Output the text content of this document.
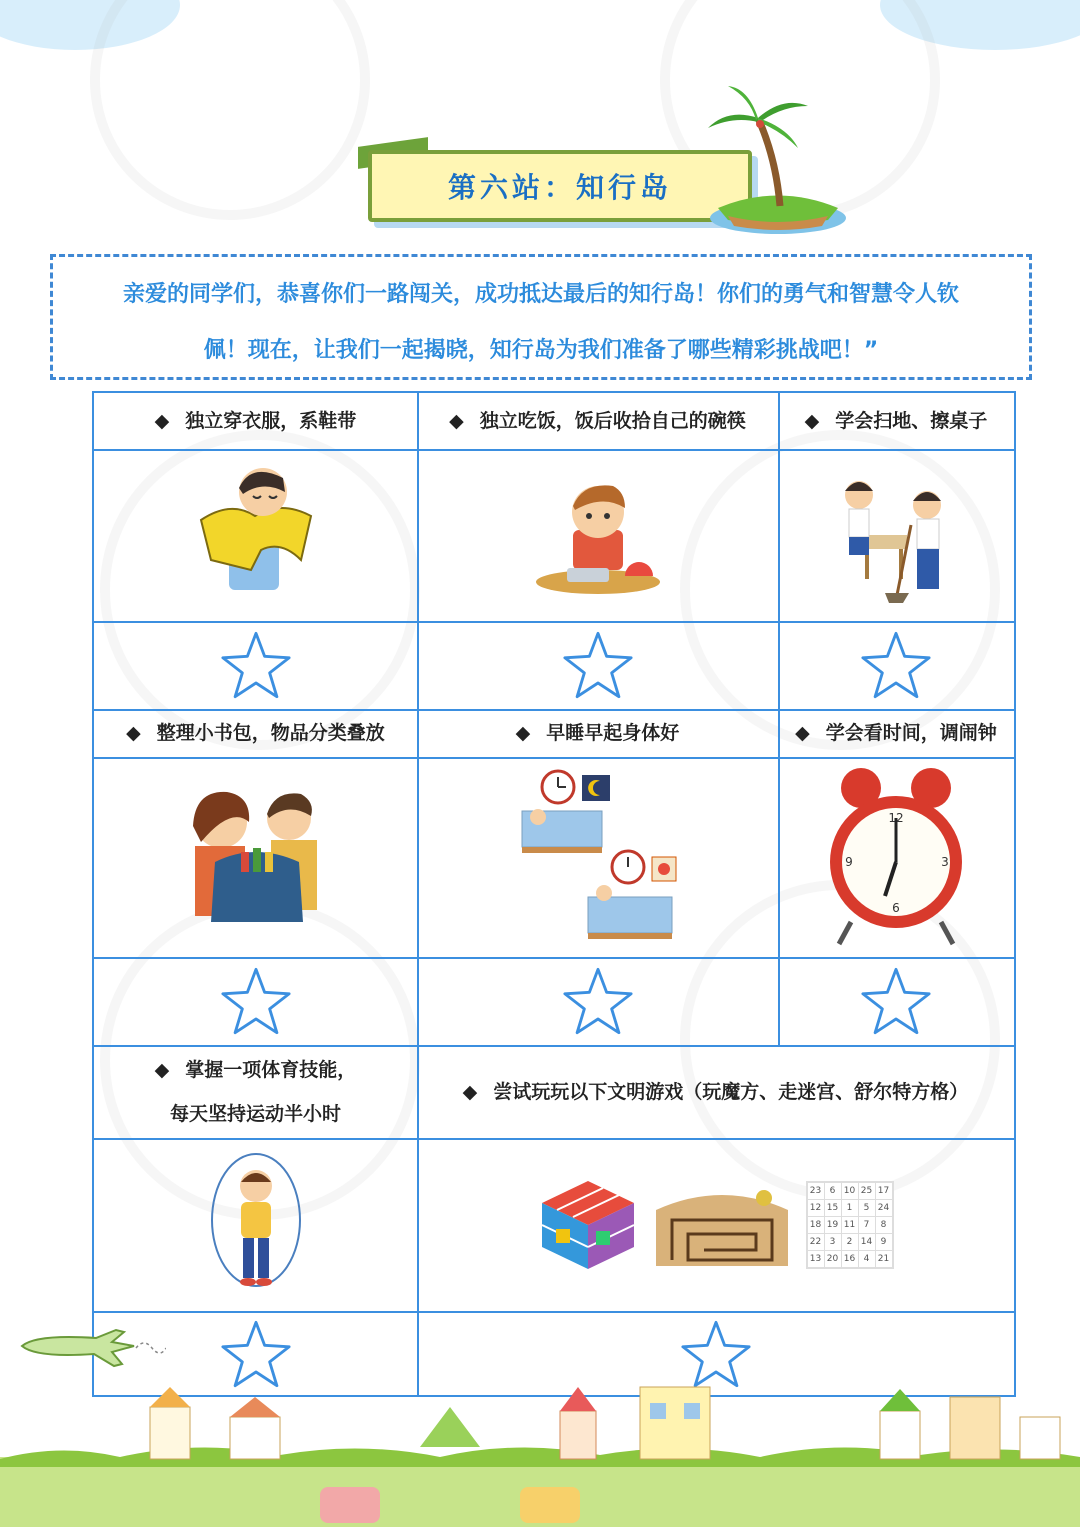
第六站：知行岛
亲爱的同学们，恭喜你们一路闯关，成功抵达最后的知行岛！你们的勇气和智慧令人钦
佩！现在，让我们一起揭晓，知行岛为我们准备了哪些精彩挑战吧！”
◆ 独立穿衣服，系鞋带	◆ 独立吃饭，饭后收拾自己的碗筷	◆ 学会扫地、擦桌子
◆ 整理小书包，物品分类叠放	◆ 早睡早起身体好	◆ 学会看时间，调闹钟
12
3
6
9
◆ 掌握一项体育技能，
每天坚持运动半小时
◆ 尝试玩玩以下文明游戏（玩魔方、走迷宫、舒尔特方格）
23 6 10 25 17
12 15 1	5 24
18 19 11 7	8
22 3	2 14 9
13 20 16 4 21
